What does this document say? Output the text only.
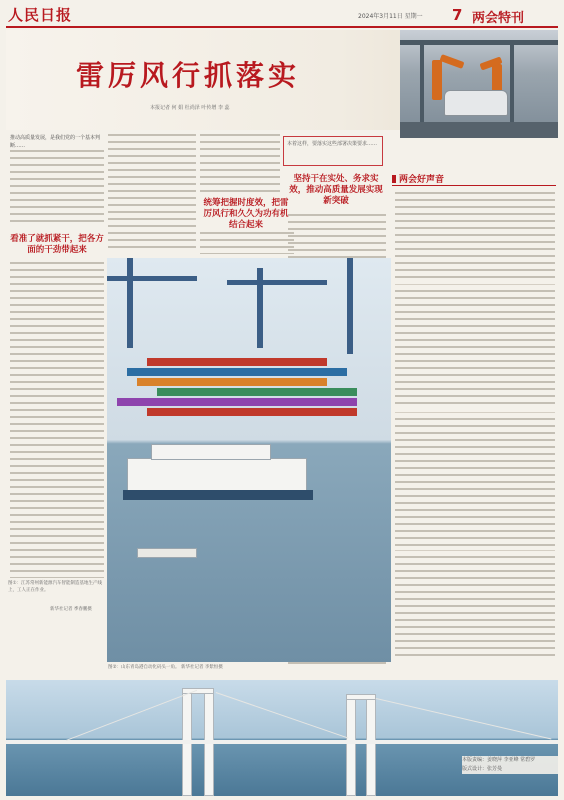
人民日报	2024年3月11日 星期一 7 两会特刊
雷厉风行抓落实
本报记者 何 娟 杜尚泽 叶传增 李 蕊
推动高质量发展，是我们党的一个基本判断……
看准了就抓紧干，把各方面的干劲带起来
图①：江苏常州新能源汽车智能制造基地生产线上，工人正在作业。
新华社记者 季春鹏摄
统筹把握时度效，把雷厉风行和久久为功有机结合起来
本着这样，要落实这些部署决策要求……
坚持干在实处、务求实效，推动高质量发展实现新突破
图②：山东青岛港自动化码头一角。 新华社记者 李紫恒摄
两会好声音
本版责编：姜晓萍 李亚峰 常碧罗
版式设计：张芳曼
